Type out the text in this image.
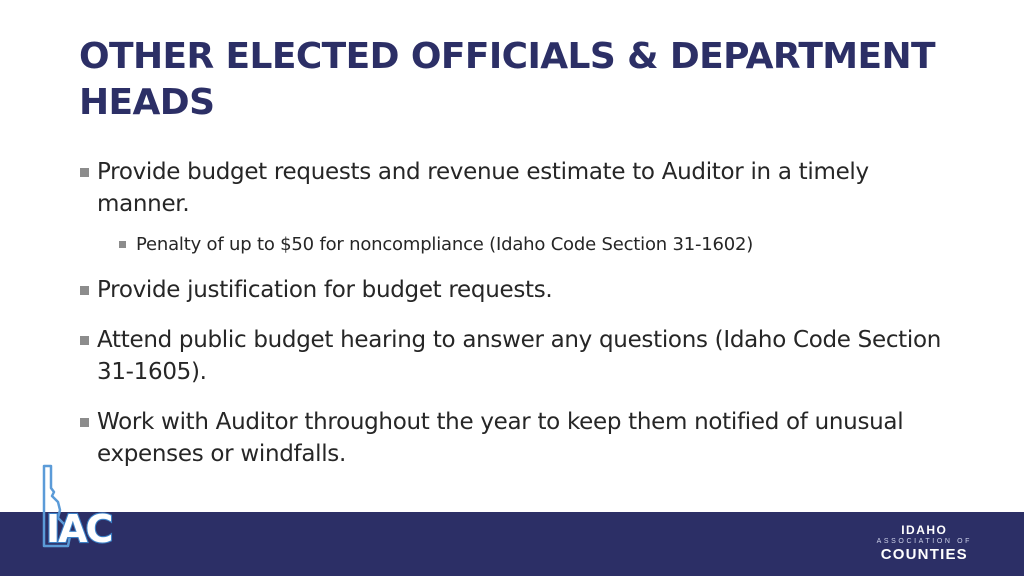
OTHER ELECTED OFFICIALS & DEPARTMENT HEADS
Provide budget requests and revenue estimate to Auditor in a timely manner.
Penalty of up to $50 for noncompliance (Idaho Code Section 31-1602)
Provide justification for budget requests.
Attend public budget hearing to answer any questions (Idaho Code Section 31-1605).
Work with Auditor throughout the year to keep them notified of unusual expenses or windfalls.
IAC	IDAHO
ASSOCIATION OF
COUNTIES
